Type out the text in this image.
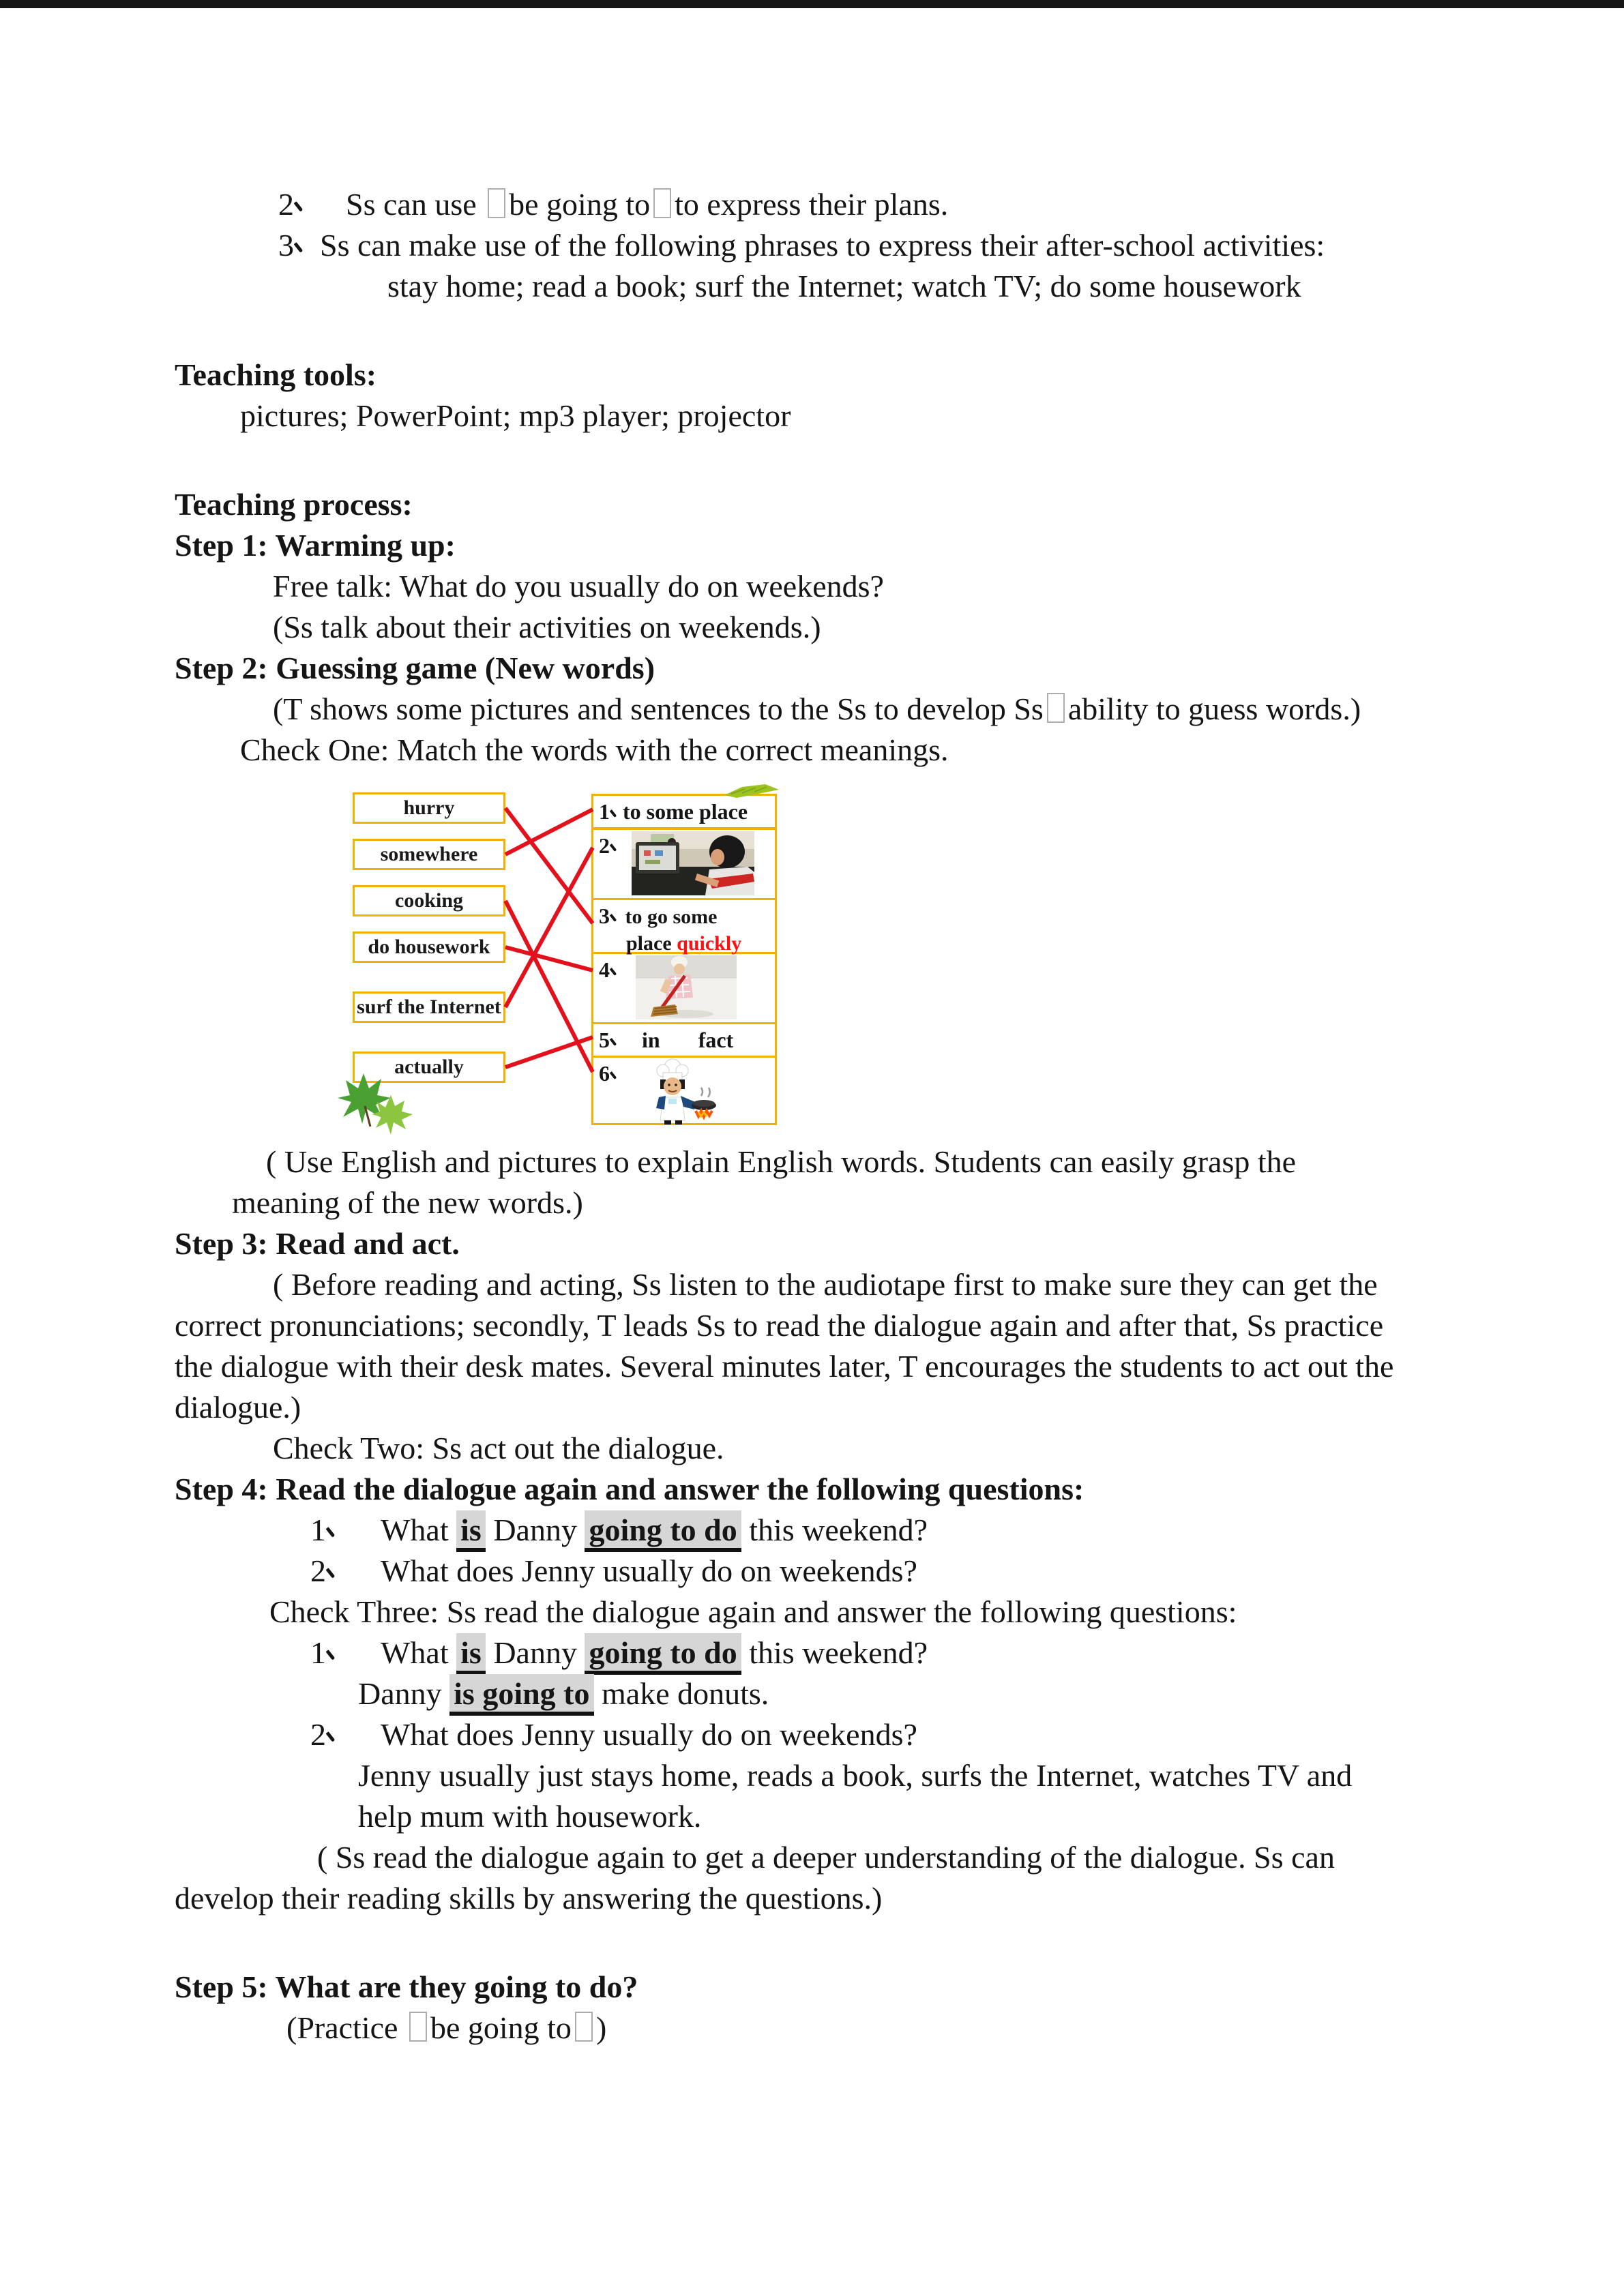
2 Ss can use be going to to express their plans.
3 Ss can make use of the following phrases to express their after-school activities:
stay home; read a book; surf the Internet; watch TV; do some housework
Teaching tools:
pictures; PowerPoint; mp3 player; projector
Teaching process:
Step 1: Warming up:
Free talk: What do you usually do on weekends?
(Ss talk about their activities on weekends.)
Step 2: Guessing game (New words)
(T shows some pictures and sentences to the Ss to develop Ss ability to guess words.)
Check One: Match the words with the correct meanings.
hurry
somewhere
cooking
do housework
surf the Internet
actually
1 to some place
2
3 to go some
place quickly
4
5 in fact
6
( Use English and pictures to explain English words. Students can easily grasp the
meaning of the new words.)
Step 3: Read and act.
( Before reading and acting, Ss listen to the audiotape first to make sure they can get the
correct pronunciations; secondly, T leads Ss to read the dialogue again and after that, Ss practice
the dialogue with their desk mates. Several minutes later, T encourages the students to act out the
dialogue.)
Check Two: Ss act out the dialogue.
Step 4: Read the dialogue again and answer the following questions:
1 What is Danny going to do this weekend?
2 What does Jenny usually do on weekends?
Check Three: Ss read the dialogue again and answer the following questions:
1 What is Danny going to do this weekend?
Danny is going to make donuts.
2 What does Jenny usually do on weekends?
Jenny usually just stays home, reads a book, surfs the Internet, watches TV and
help mum with housework.
( Ss read the dialogue again to get a deeper understanding of the dialogue. Ss can
develop their reading skills by answering the questions.)
Step 5: What are they going to do?
(Practice be going to )
